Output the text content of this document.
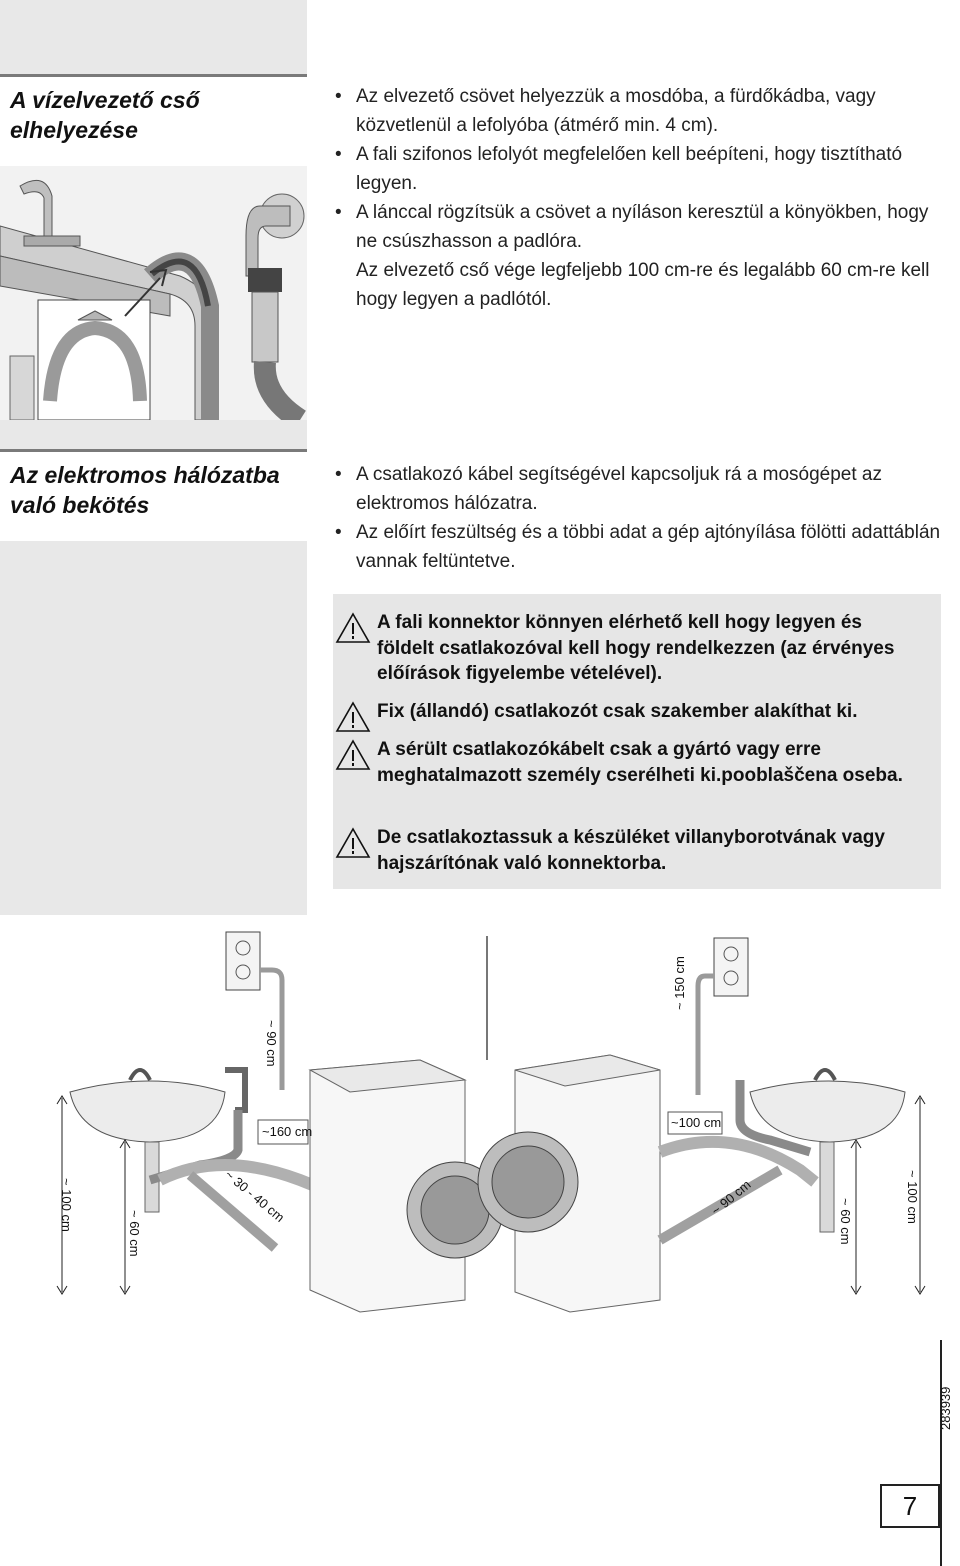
A vízelvezető cső
elhelyezése
• Az elvezető csövet helyezzük a mosdóba, a fürdőkádba, vagy közvetlenül a lefolyóba (átmérő min. 4 cm).
• A fali szifonos lefolyót megfelelően kell beépíteni, hogy tisztítható legyen.
• A lánccal rögzítsük a csövet a nyíláson keresztül a könyökben, hogy ne csúszhasson a padlóra.
Az elvezető cső vége legfeljebb 100 cm-re és legalább 60 cm-re kell hogy legyen a padlótól.
Az elektromos hálózatba
való bekötés
• A csatlakozó kábel segítségével kapcsoljuk rá a mosógépet az elektromos hálózatra.
• Az előírt feszültség és a többi adat a gép ajtónyílása fölötti adattáblán vannak feltüntetve.
A fali konnektor könnyen elérhető kell hogy legyen és földelt csatlakozóval kell hogy rendelkezzen (az érvényes előírások figyelembe vételével).
Fix (állandó) csatlakozót csak szakember alakíthat ki.
A sérült csatlakozókábelt csak a gyártó vagy erre meghatalmazott személy cserélheti ki.pooblaščena oseba.
De csatlakoztassuk a készüléket villanyborotvának vagy hajszárítónak való konnektorba.
~ 90 cm
~160 cm
~ 30 - 40 cm
~ 100 cm
~ 60 cm
~ 150 cm
~100 cm
~ 90 cm
~ 60 cm	~ 100 cm
283939
7
